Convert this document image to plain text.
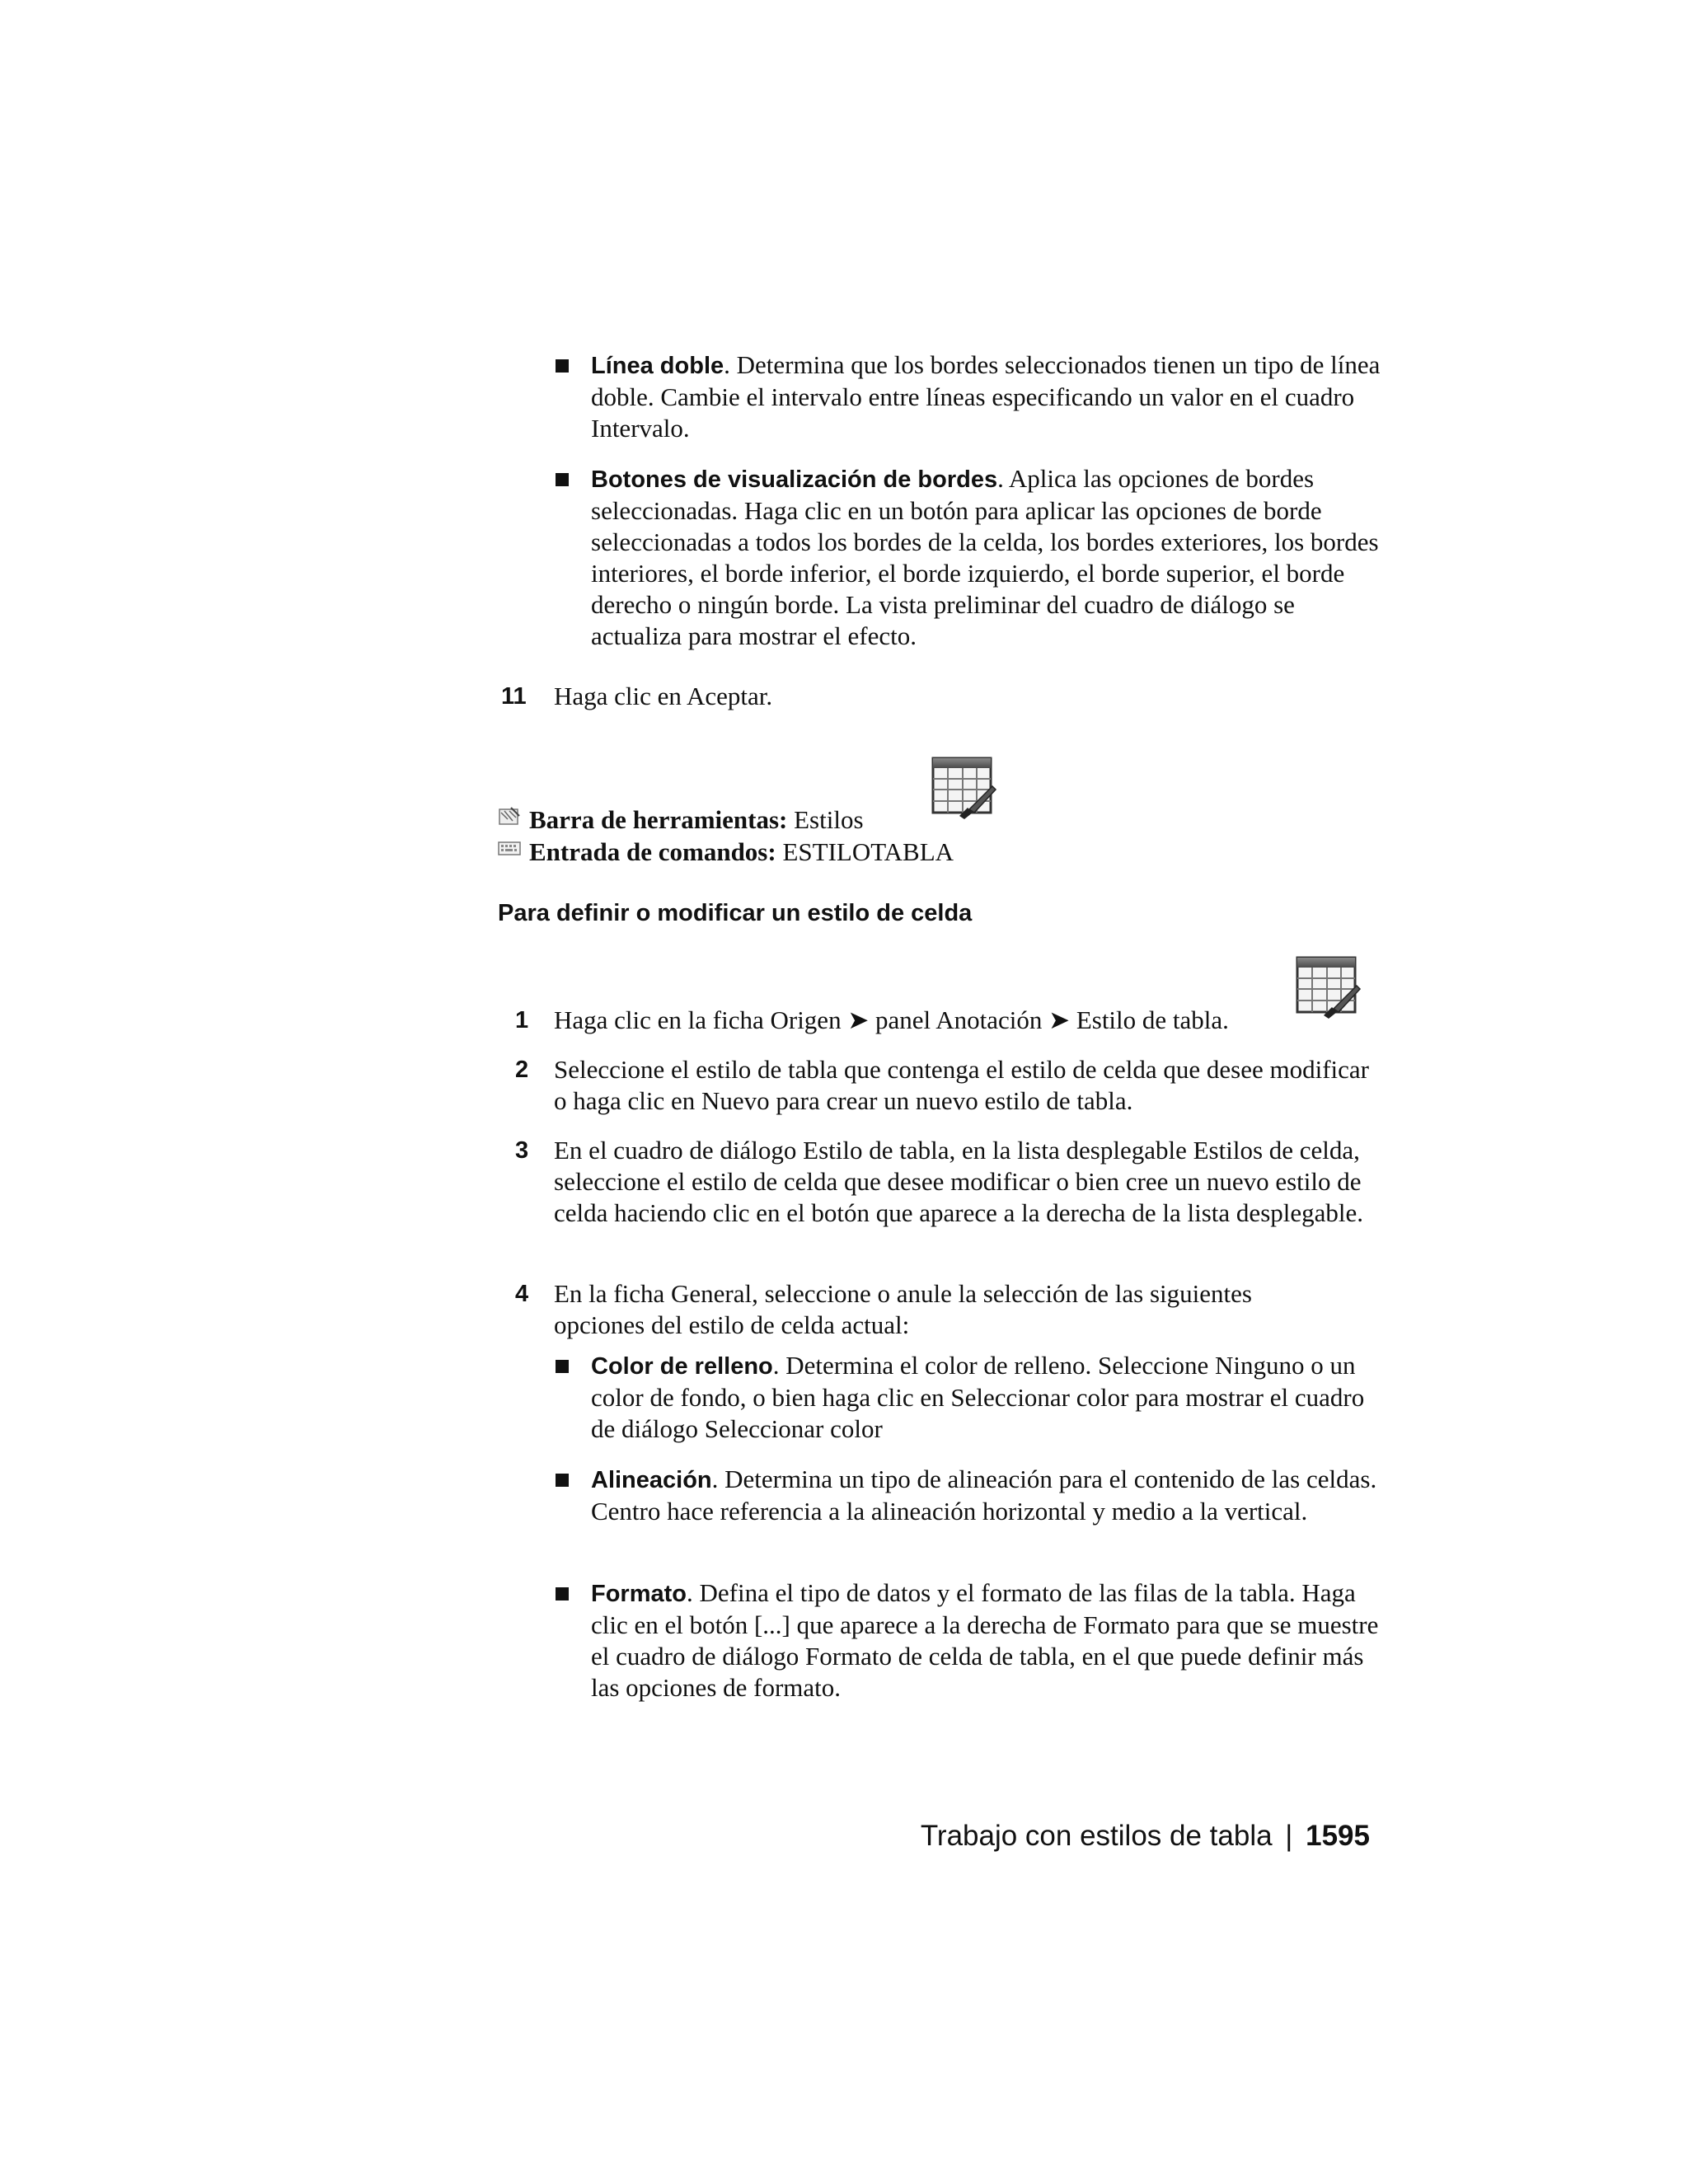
Línea doble. Determina que los bordes seleccionados tienen un tipo de línea doble. Cambie el intervalo entre líneas especificando un valor en el cuadro Intervalo.

Botones de visualización de bordes. Aplica las opciones de bordes seleccionadas. Haga clic en un botón para aplicar las opciones de borde seleccionadas a todos los bordes de la celda, los bordes exteriores, los bordes interiores, el borde inferior, el borde izquierdo, el borde superior, el borde derecho o ningún borde. La vista preliminar del cuadro de diálogo se actualiza para mostrar el efecto.

11 Haga clic en Aceptar.

Barra de herramientas: Estilos

Entrada de comandos: ESTILOTABLA

Para definir o modificar un estilo de celda
1 Haga clic en la ficha Origen ➤ panel Anotación ➤ Estilo de tabla.

2 Seleccione el estilo de tabla que contenga el estilo de celda que desee modificar o haga clic en Nuevo para crear un nuevo estilo de tabla.

3 En el cuadro de diálogo Estilo de tabla, en la lista desplegable Estilos de celda, seleccione el estilo de celda que desee modificar o bien cree un nuevo estilo de celda haciendo clic en el botón que aparece a la derecha de la lista desplegable.

4 En la ficha General, seleccione o anule la selección de las siguientes opciones del estilo de celda actual:

Color de relleno. Determina el color de relleno. Seleccione Ninguno o un color de fondo, o bien haga clic en Seleccionar color para mostrar el cuadro de diálogo Seleccionar color

Alineación. Determina un tipo de alineación para el contenido de las celdas. Centro hace referencia a la alineación horizontal y medio a la vertical.

Formato. Defina el tipo de datos y el formato de las filas de la tabla. Haga clic en el botón [...] que aparece a la derecha de Formato para que se muestre el cuadro de diálogo Formato de celda de tabla, en el que puede definir más las opciones de formato.

Trabajo con estilos de tabla | 1595
